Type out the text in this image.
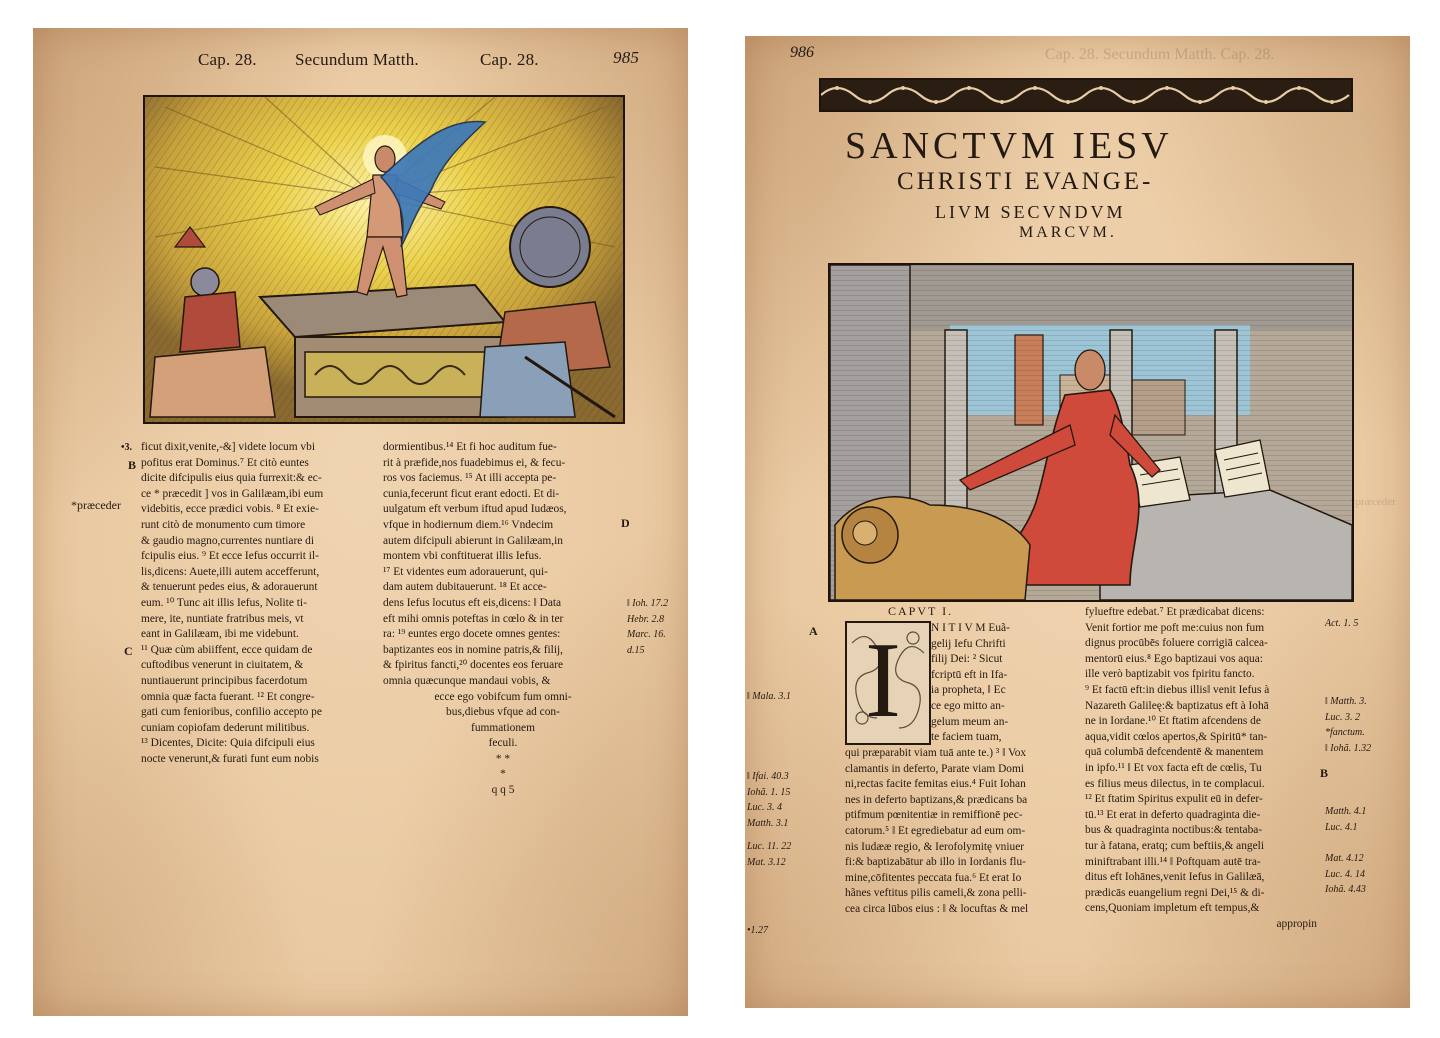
Cap. 28. Secundum Matth.	Cap. 28.	985
•3.
B
*præceder
C
D
‖ Ioh. 17.2
Hebr. 2.8
Marc. 16.
d.15
ficut dixit,venite,-&] videte locum vbi
pofitus erat Dominus.⁷ Et citò euntes
dicite difcipulis eius quia furrexit:& ec-
ce * præcedit ] vos in Galilæam,ibi eum
videbitis, ecce prædici vobis. ⁸ Et exie-
runt citò de monumento cum timore
& gaudio magno,currentes nuntiare di
fcipulis eius. ⁹ Et ecce Iefus occurrit il-
lis,dicens: Auete,illi autem accefferunt,
& tenuerunt pedes eius, & adorauerunt
eum. ¹⁰ Tunc ait illis Iefus, Nolite ti-
mere, ite, nuntiate fratribus meis, vt
eant in Galilæam, ibi me videbunt.
¹¹ Quæ cùm abiiffent, ecce quidam de
cuftodibus venerunt in ciuitatem, &
nuntiauerunt principibus facerdotum
omnia quæ facta fuerant. ¹² Et congre-
gati cum fenioribus, confilio accepto pe
cuniam copiofam dederunt militibus.
¹³ Dicentes, Dicite: Quia difcipuli eius
nocte venerunt,& furati funt eum nobis
dormientibus.¹⁴ Et fi hoc auditum fue-
rit à præfide,nos fuadebimus ei, & fecu-
ros vos faciemus. ¹⁵ At illi accepta pe-
cunia,fecerunt ficut erant edocti. Et di-
uulgatum eft verbum iftud apud Iudæos,
vfque in hodiernum diem.¹⁶ Vndecim
autem difcipuli abierunt in Galilæam,in
montem vbi conftituerat illis Iefus.
¹⁷ Et videntes eum adorauerunt, qui-
dam autem dubitauerunt. ¹⁸ Et acce-
dens Iefus locutus eft eis,dicens: ‖ Data
eft mihi omnis poteftas in cœlo & in ter
ra: ¹⁹ euntes ergo docete omnes gentes:
baptizantes eos in nomine patris,& filij,
& fpiritus fancti,²⁰ docentes eos feruare
omnia quæcunque mandaui vobis, &
ecce ego vobifcum fum omni-
bus,diebus vfque ad con-
fummationem
feculi.
* *
*
q q 5
986	Cap. 28. Secundum Matth. Cap. 28.
SANCTVM IESV
CHRISTI EVANGE-
LIVM SECVNDVM
MARCVM.
CAPVT I.
A I
‖ Mala. 3.1
‖ Ifai. 40.3
Iohã. 1. 15
Luc. 3. 4
Matth. 3.1
Luc. 11. 22
Mat. 3.12
•1.27
Act. 1. 5
‖ Matth. 3.
Luc. 3. 2
*fanctum.
‖ Iohã. 1.32
Matth. 4.1
Luc. 4.1
Mat. 4.12
Luc. 4. 14
Iohã. 4.43
B
*præceder
N I T I V M Euã-
gelij Iefu Chrifti
filij Dei: ² Sicut
fcriptū eft in Ifa-
ia propheta, ‖ Ec
ce ego mitto an-
gelum meum an-
te faciem tuam,
qui præparabit viam tuā ante te.) ³ ‖ Vox
clamantis in deferto, Parate viam Domi
ni,rectas facite femitas eius.⁴ Fuit Iohan
nes in deferto baptizans,& prædicans ba
ptifmum pœnitentiæ in remiffionē pec-
catorum.⁵ ‖ Et egrediebatur ad eum om-
nis Iudææ regio, & Ierofolymitę vniuer
fi:& baptizabātur ab illo in Iordanis flu-
mine,cōfitentes peccata fua.⁶ Et erat Io
hãnes veftitus pilis cameli,& zona pelli-
cea circa lūbos eius : ‖ & locuftas & mel
fylueftre edebat.⁷ Et prædicabat dicens:
Venit fortior me poft me:cuius non fum
dignus procūbēs foluere corrigiā calcea-
mentorū eius.⁸ Ego baptizaui vos aqua:
ille verò baptizabit vos fpiritu fancto.
⁹ Et factū eft:in diebus illis‖ venit Iefus à
Nazareth Galileę:& baptizatus eft à Iohā
ne in Iordane.¹⁰ Et ftatim afcendens de
aqua,vidit cœlos apertos,& Spiritū* tan-
quā columbā defcendentē & manentem
in ipfo.¹¹ ‖ Et vox facta eft de cœlis, Tu
es filius meus dilectus, in te complacui.
¹² Et ftatim Spiritus expulit eū in defer-
tū.¹³ Et erat in deferto quadraginta die-
bus & quadraginta noctibus:& tentaba-
tur à fatana, eratq; cum beftiis,& angeli
miniftrabant illi.¹⁴ ‖ Poftquam autē tra-
ditus eft Iohānes,venit Iefus in Galilæā,
prædicās euangelium regni Dei,¹⁵ & di-
cens,Quoniam impletum eft tempus,&
appropin
